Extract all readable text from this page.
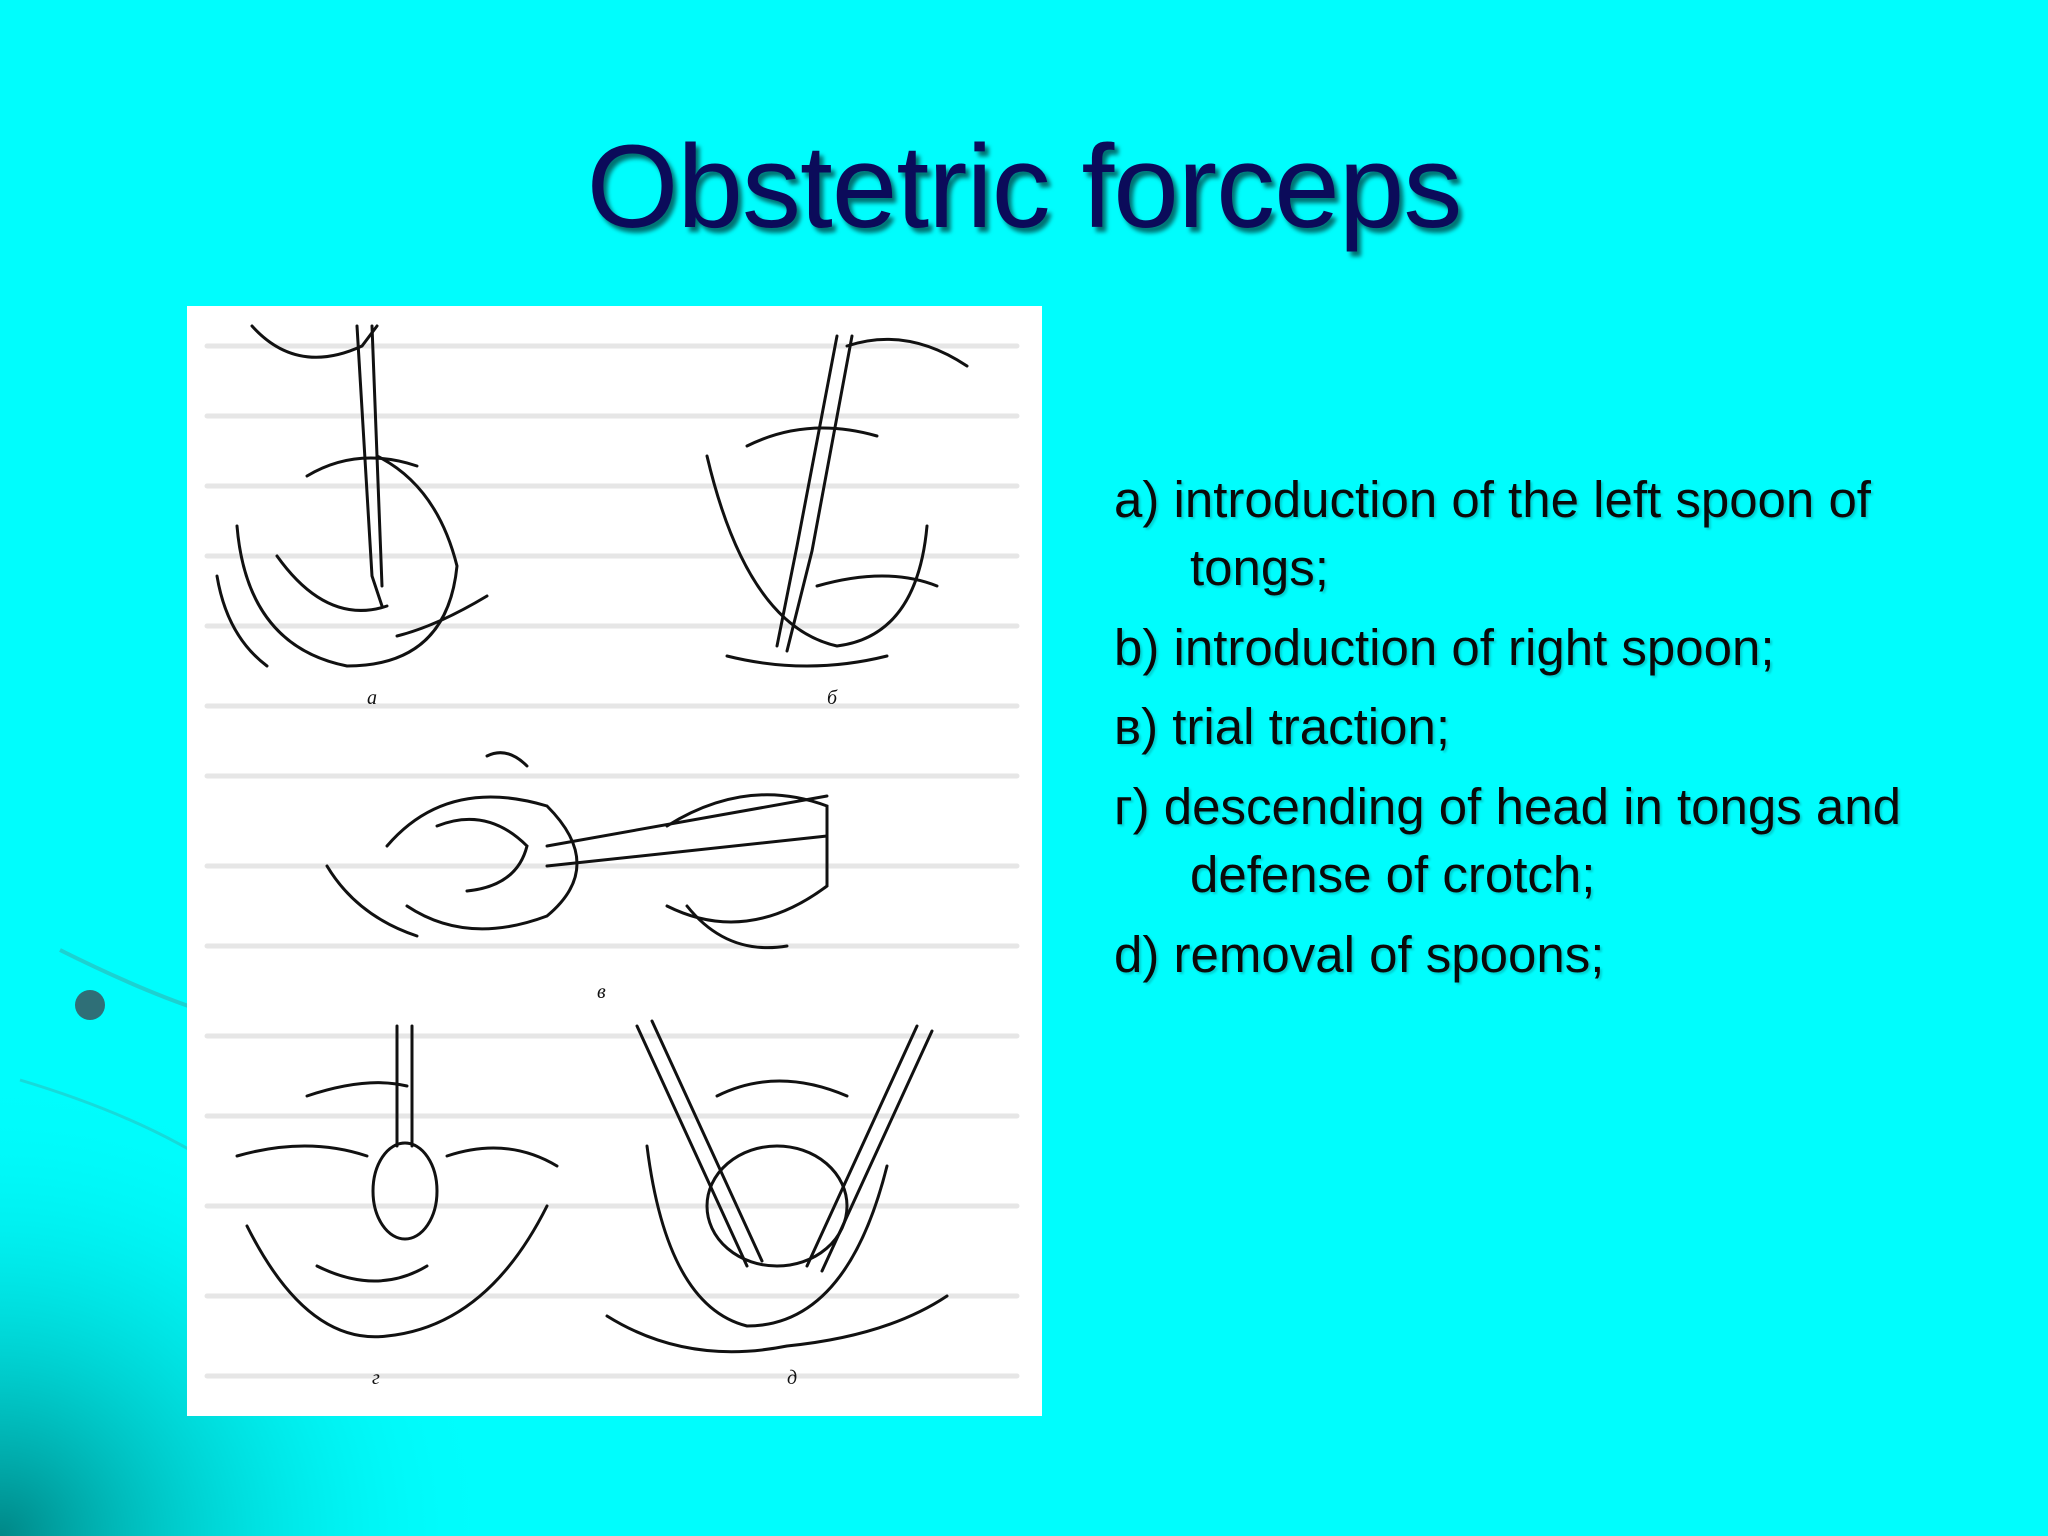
Obstetric forceps
а	б
в
г	д
a) introduction of the left spoon of tongs;
b) introduction of right spoon;
в) trial traction;
г) descending of head in tongs and defense of crotch;
d) removal of spoons;
